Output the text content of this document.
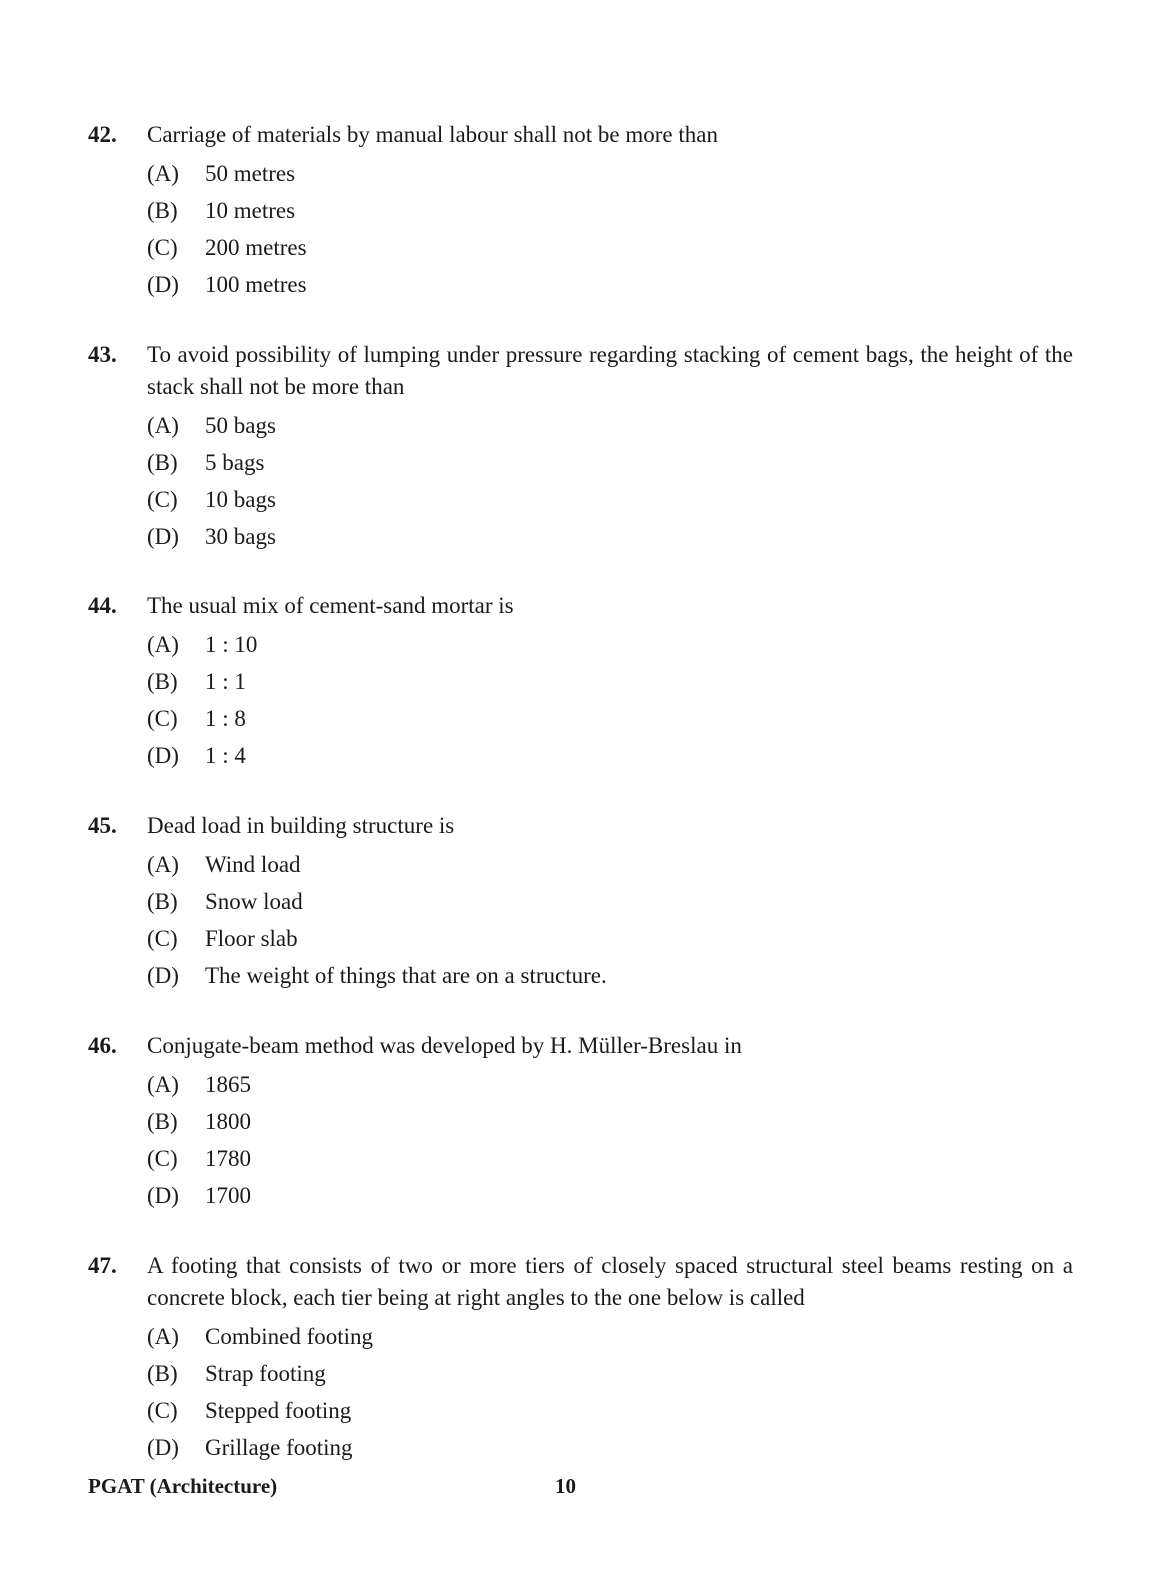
42.	Carriage of materials by manual labour shall not be more than
(A)	50 metres
(B)	10 metres
(C)	200 metres
(D)	100 metres
43.	To avoid possibility of lumping under pressure regarding stacking of cement bags, the height of the stack shall not be more than
(A)	50 bags
(B)	5 bags
(C)	10 bags
(D)	30 bags
44.	The usual mix of cement-sand mortar is
(A)	1 : 10
(B)	1 : 1
(C)	1 : 8
(D)	1 : 4
45.	Dead load in building structure is
(A)	Wind load
(B)	Snow load
(C)	Floor slab
(D)	The weight of things that are on a structure.
46.	Conjugate-beam method was developed by H. Müller-Breslau in
(A)	1865
(B)	1800
(C)	1780
(D)	1700
47.	A footing that consists of two or more tiers of closely spaced structural steel beams resting on a concrete block, each tier being at right angles to the one below is called
(A)	Combined footing
(B)	Strap footing
(C)	Stepped footing
(D)	Grillage footing
PGAT (Architecture)	10
